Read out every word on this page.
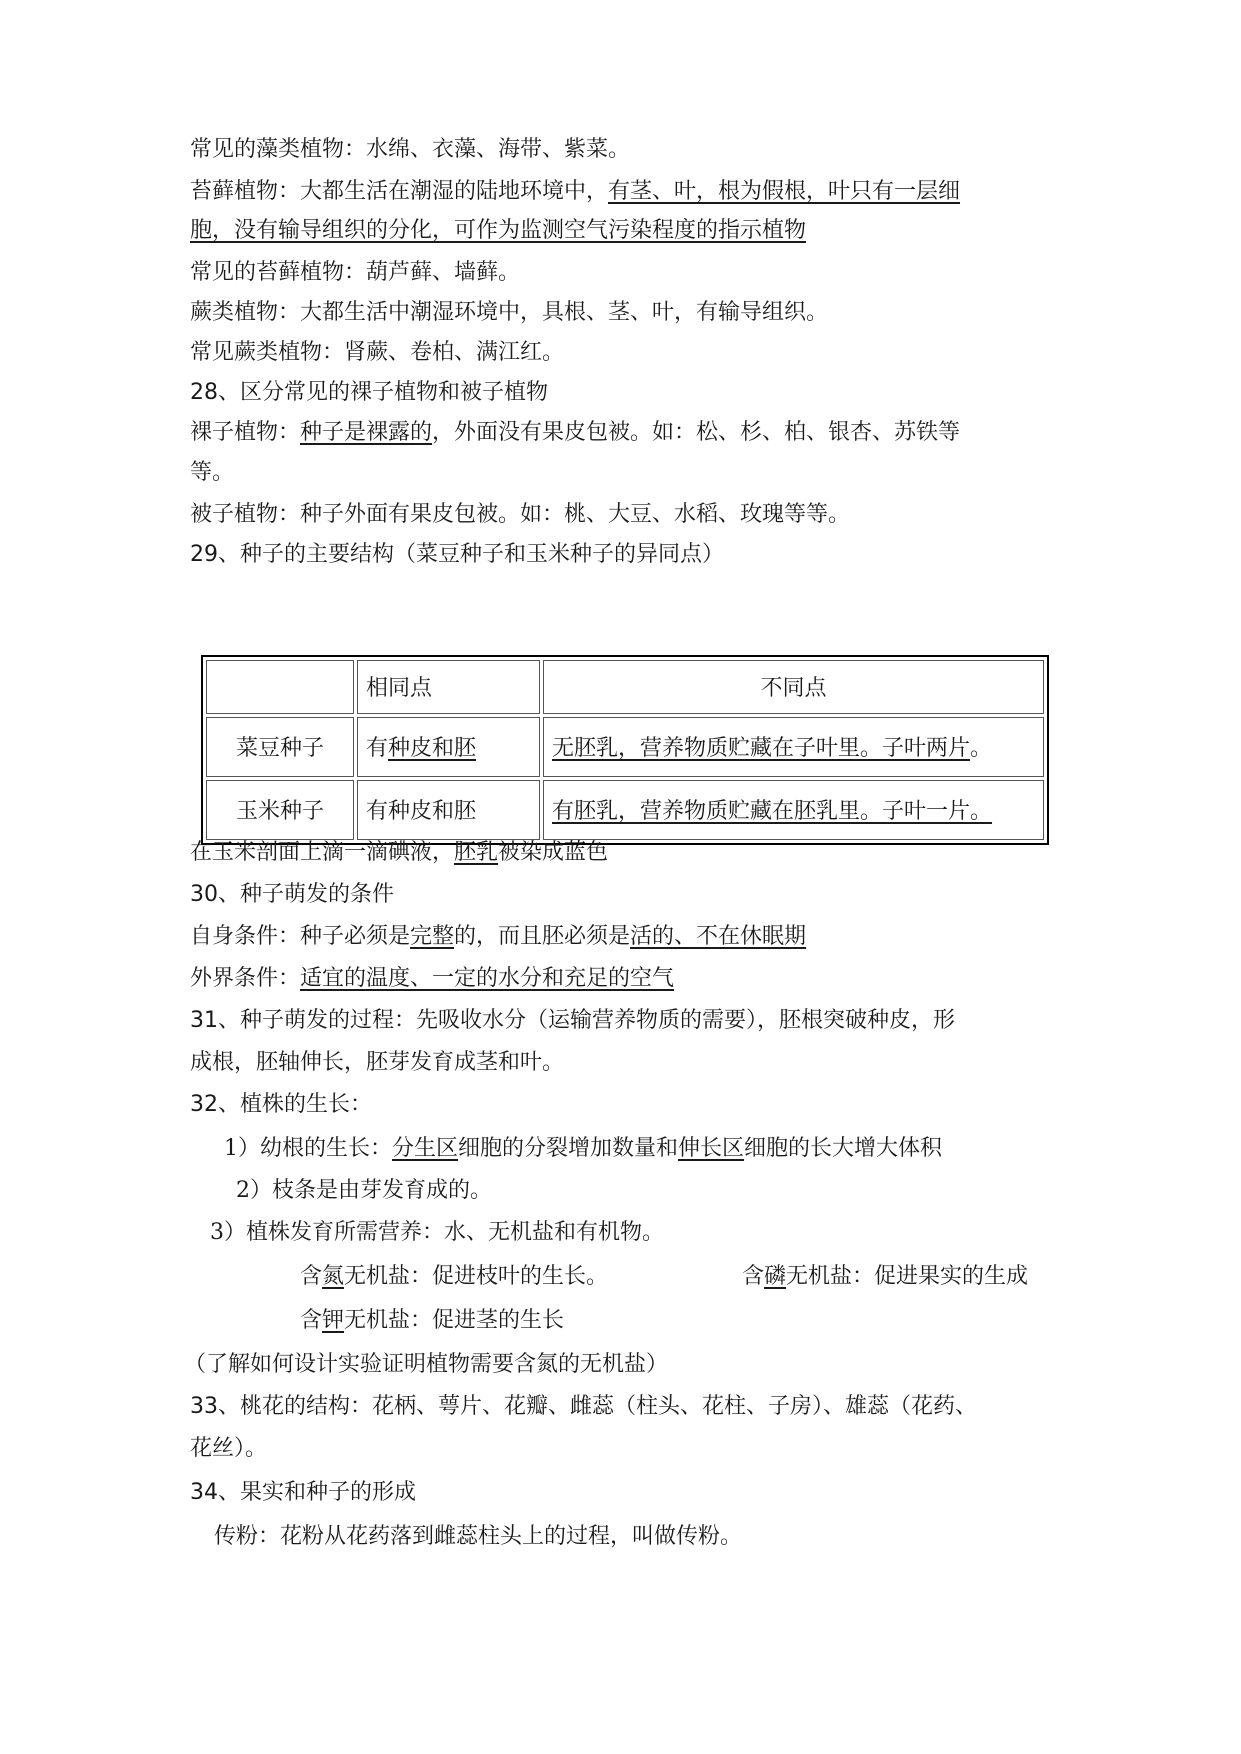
常见的藻类植物：水绵、衣藻、海带、紫菜。
苔藓植物：大都生活在潮湿的陆地环境中，有茎、叶，根为假根，叶只有一层细
胞，没有输导组织的分化，可作为监测空气污染程度的指示植物
常见的苔藓植物：葫芦藓、墙藓。
蕨类植物：大都生活中潮湿环境中，具根、茎、叶，有输导组织。
常见蕨类植物：肾蕨、卷柏、满江红。
28、区分常见的裸子植物和被子植物
裸子植物：种子是裸露的，外面没有果皮包被。如：松、杉、柏、银杏、苏铁等
等。
被子植物：种子外面有果皮包被。如：桃、大豆、水稻、玫瑰等等。
29、种子的主要结构（菜豆种子和玉米种子的异同点）
	相同点	不同点
菜豆种子	有种皮和胚	无胚乳，营养物质贮藏在子叶里。子叶两片。
玉米种子	有种皮和胚	有胚乳，营养物质贮藏在胚乳里。子叶一片。
在玉米剖面上滴一滴碘液，胚乳被染成蓝色
30、种子萌发的条件
自身条件：种子必须是完整的，而且胚必须是活的、不在休眠期
外界条件：适宜的温度、一定的水分和充足的空气
31、种子萌发的过程：先吸收水分（运输营养物质的需要），胚根突破种皮，形
成根，胚轴伸长，胚芽发育成茎和叶。
32、植株的生长：
1）幼根的生长：分生区细胞的分裂增加数量和伸长区细胞的长大增大体积
2）枝条是由芽发育成的。
3）植株发育所需营养：水、无机盐和有机物。
含氮无机盐：促进枝叶的生长。	含磷无机盐：促进果实的生成
含钾无机盐：促进茎的生长
（了解如何设计实验证明植物需要含氮的无机盐）
33、桃花的结构：花柄、萼片、花瓣、雌蕊（柱头、花柱、子房）、雄蕊（花药、
花丝）。
34、果实和种子的形成
传粉：花粉从花药落到雌蕊柱头上的过程，叫做传粉。
